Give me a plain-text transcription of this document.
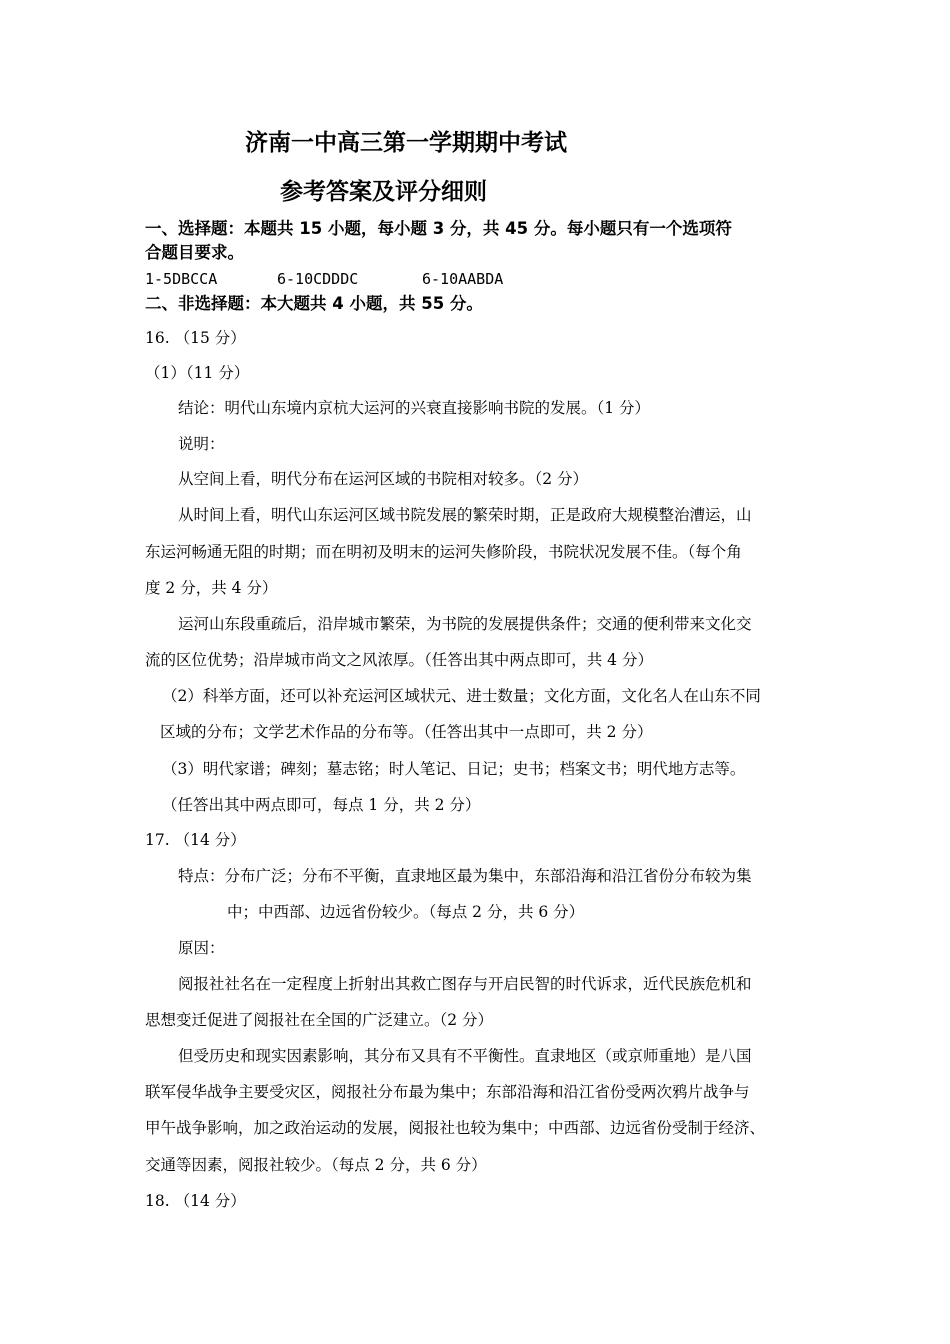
济南一中高三第一学期期中考试
参考答案及评分细则
一、选择题：本题共 15 小题，每小题 3 分，共 45 分。每小题只有一个选项符
合题目要求。
1-5DBCCA	6-10CDDDC	6-10AABDA
二、非选择题：本大题共 4 小题，共 55 分。
16. （15 分）
（1）（11 分）
结论：明代山东境内京杭大运河的兴衰直接影响书院的发展。（1 分）
说明：
从空间上看，明代分布在运河区域的书院相对较多。（2 分）
从时间上看，明代山东运河区域书院发展的繁荣时期，正是政府大规模整治漕运，山
东运河畅通无阻的时期；而在明初及明末的运河失修阶段，书院状况发展不佳。（每个角
度 2 分，共 4 分）
运河山东段重疏后，沿岸城市繁荣，为书院的发展提供条件；交通的便利带来文化交
流的区位优势；沿岸城市尚文之风浓厚。（任答出其中两点即可，共 4 分）
（2）科举方面，还可以补充运河区域状元、进士数量；文化方面，文化名人在山东不同
区域的分布；文学艺术作品的分布等。（任答出其中一点即可，共 2 分）
（3）明代家谱；碑刻；墓志铭；时人笔记、日记；史书；档案文书；明代地方志等。
（任答出其中两点即可，每点 1 分，共 2 分）
17. （14 分）
特点：分布广泛；分布不平衡，直隶地区最为集中，东部沿海和沿江省份分布较为集
中；中西部、边远省份较少。（每点 2 分，共 6 分）
原因：
阅报社社名在一定程度上折射出其救亡图存与开启民智的时代诉求，近代民族危机和
思想变迁促进了阅报社在全国的广泛建立。（2 分）
但受历史和现实因素影响，其分布又具有不平衡性。直隶地区（或京师重地）是八国
联军侵华战争主要受灾区，阅报社分布最为集中；东部沿海和沿江省份受两次鸦片战争与
甲午战争影响，加之政治运动的发展，阅报社也较为集中；中西部、边远省份受制于经济、
交通等因素，阅报社较少。（每点 2 分，共 6 分）
18. （14 分）
